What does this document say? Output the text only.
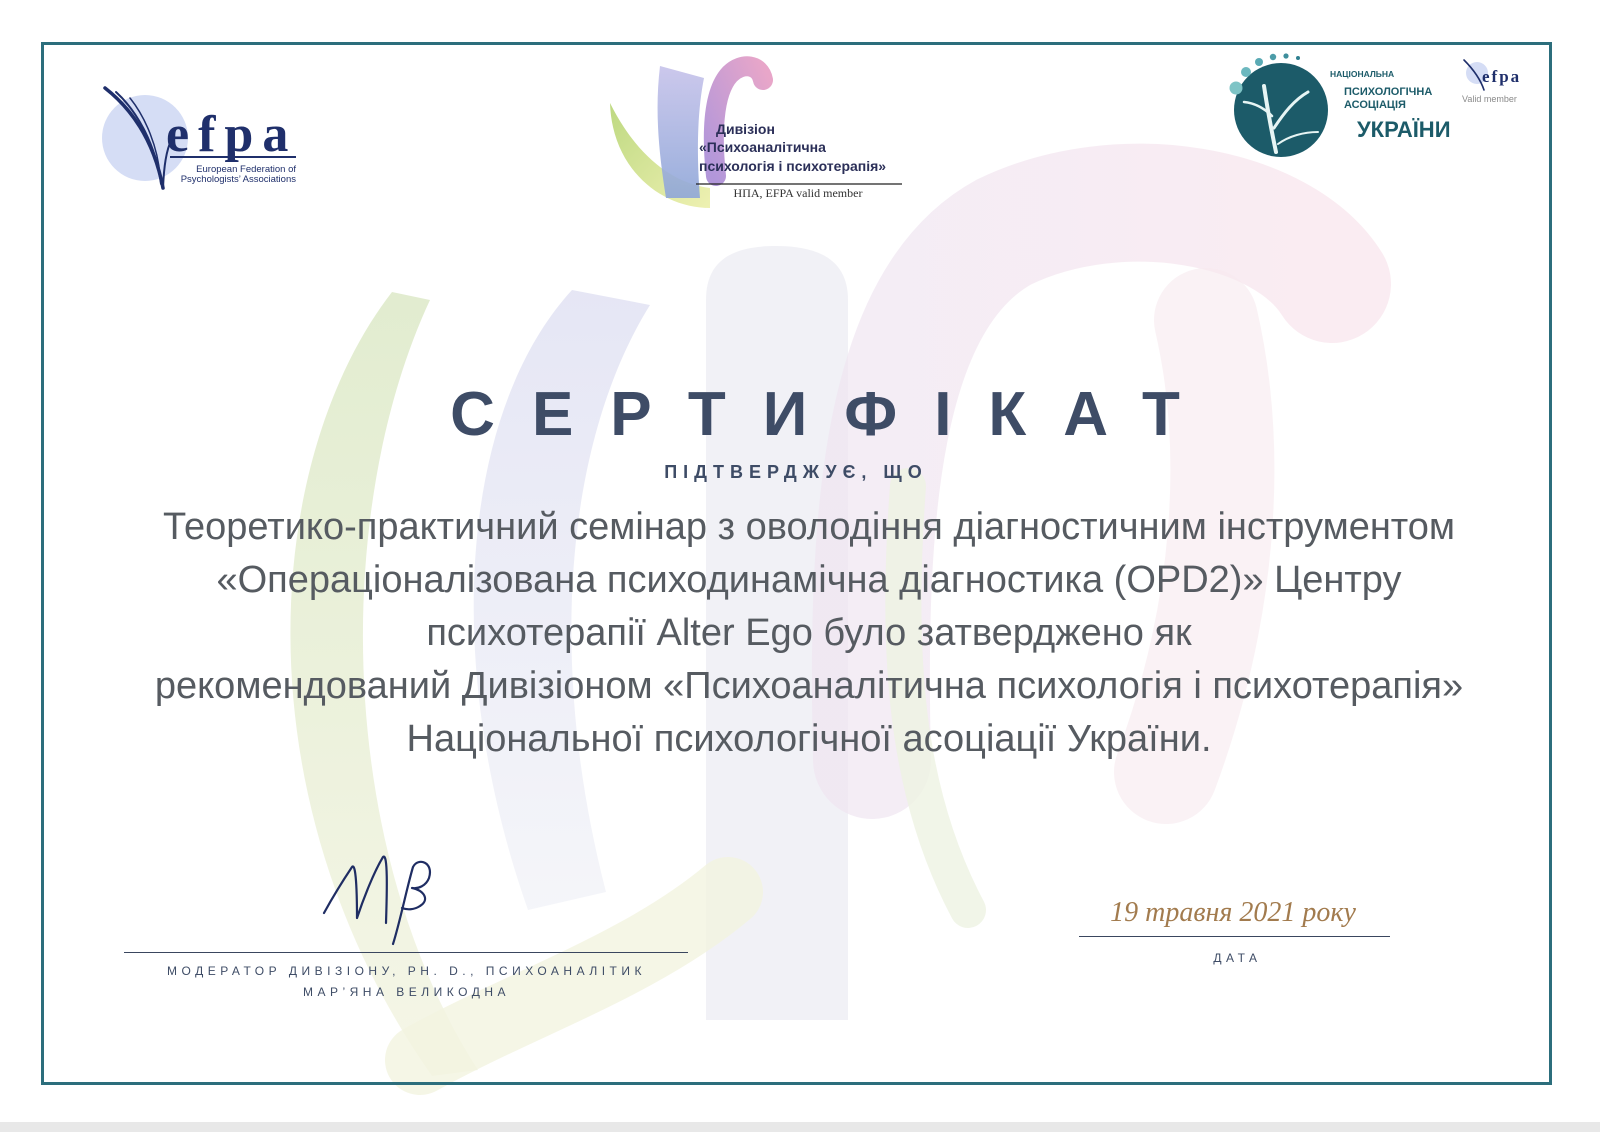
efpa
European Federation of
Psychologists’ Associations
Дивізіон
«Психоаналітична
психологія і психотерапія»
НПА, EFPA valid member
НАЦІОНАЛЬНА
ПСИХОЛОГІЧНА
АСОЦІАЦІЯ
УКРАЇНИ
efpa
Valid member
СЕРТИФІКАТ
ПІДТВЕРДЖУЄ, ЩО
Теоретико-практичний семінар з оволодіння діагностичним інструментом
«Операціоналізована психодинамічна діагностика (OPD2)» Центру
психотерапії Alter Ego було затверджено як
рекомендований Дивізіоном «Психоаналітична психологія і психотерапія»
Національної психологічної асоціації України.
МОДЕРАТОР ДИВІЗІОНУ, PH. D., ПСИХОАНАЛІТИК
МАР’ЯНА ВЕЛИКОДНА
19 травня 2021 року
ДАТА
